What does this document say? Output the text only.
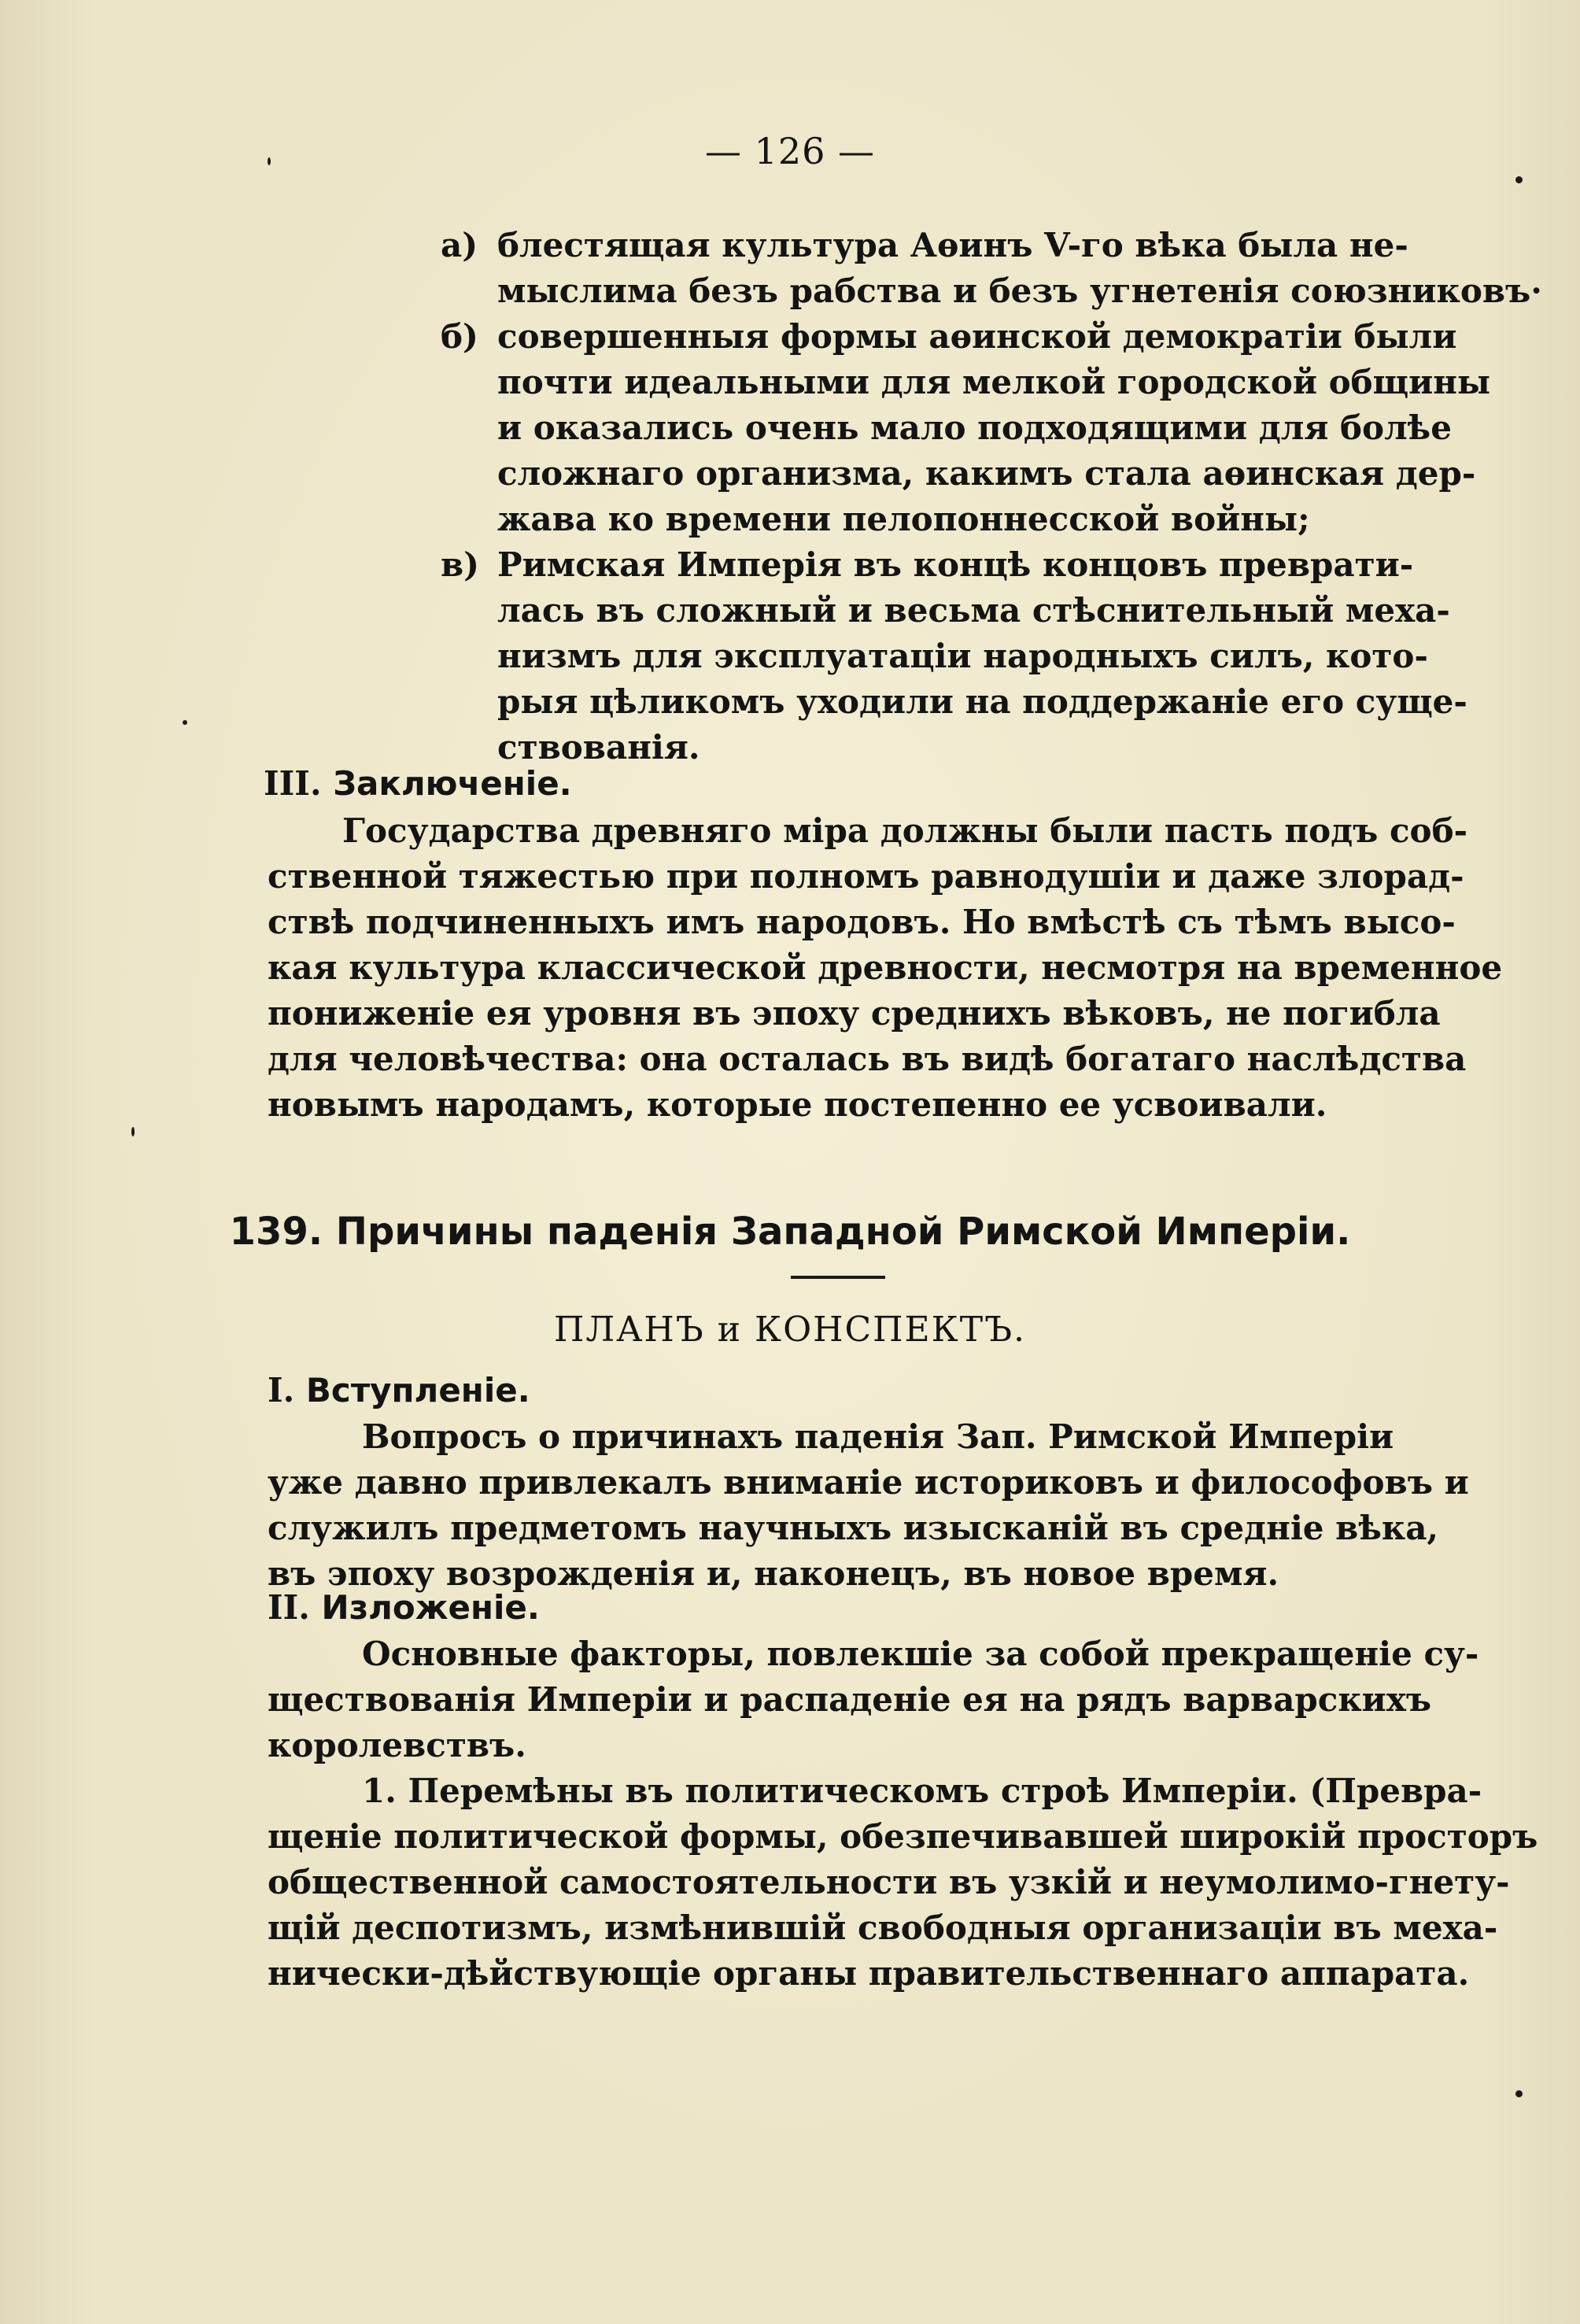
— 126 —
а) блестящая культура Аѳинъ V-го вѣка была не-
мыслима безъ рабства и безъ угнетенія союзниковъ·
б) совершенныя формы аѳинской демократіи были
почти идеальными для мелкой городской общины
и оказались очень мало подходящими для болѣе
сложнаго организма, какимъ стала аѳинская дер-
жава ко времени пелопоннесской войны;
в) Римская Имперія въ концѣ концовъ преврати-
лась въ сложный и весьма стѣснительный меха-
низмъ для эксплуатаціи народныхъ силъ, кото-
рыя цѣликомъ уходили на поддержаніе его суще-
ствованія.
III. Заключеніе.
Государства древняго міра должны были пасть подъ соб-
ственной тяжестью при полномъ равнодушіи и даже злорад-
ствѣ подчиненныхъ имъ народовъ. Но вмѣстѣ съ тѣмъ высо-
кая культура классической древности, несмотря на временное
пониженіе ея уровня въ эпоху среднихъ вѣковъ, не погибла
для человѣчества: она осталась въ видѣ богатаго наслѣдства
новымъ народамъ, которые постепенно ее усвоивали.
139. Причины паденія Западной Римской Имперіи.
ПЛАНЪ и КОНСПЕКТЪ.
I. Вступленіе.
Вопросъ о причинахъ паденія Зап. Римской Имперіи
уже давно привлекалъ вниманіе историковъ и философовъ и
служилъ предметомъ научныхъ изысканій въ средніе вѣка,
въ эпоху возрожденія и, наконецъ, въ новое время.
II. Изложеніе.
Основные факторы, повлекшіе за собой прекращеніе су-
ществованія Имперіи и распаденіе ея на рядъ варварскихъ
королевствъ.
1. Перемѣны въ политическомъ строѣ Имперіи. (Превра-
щеніе политической формы, обезпечивавшей широкій просторъ
общественной самостоятельности въ узкій и неумолимо-гнету-
щій деспотизмъ, измѣнившій свободныя организаціи въ меха-
нически-дѣйствующіе органы правительственнаго аппарата.
